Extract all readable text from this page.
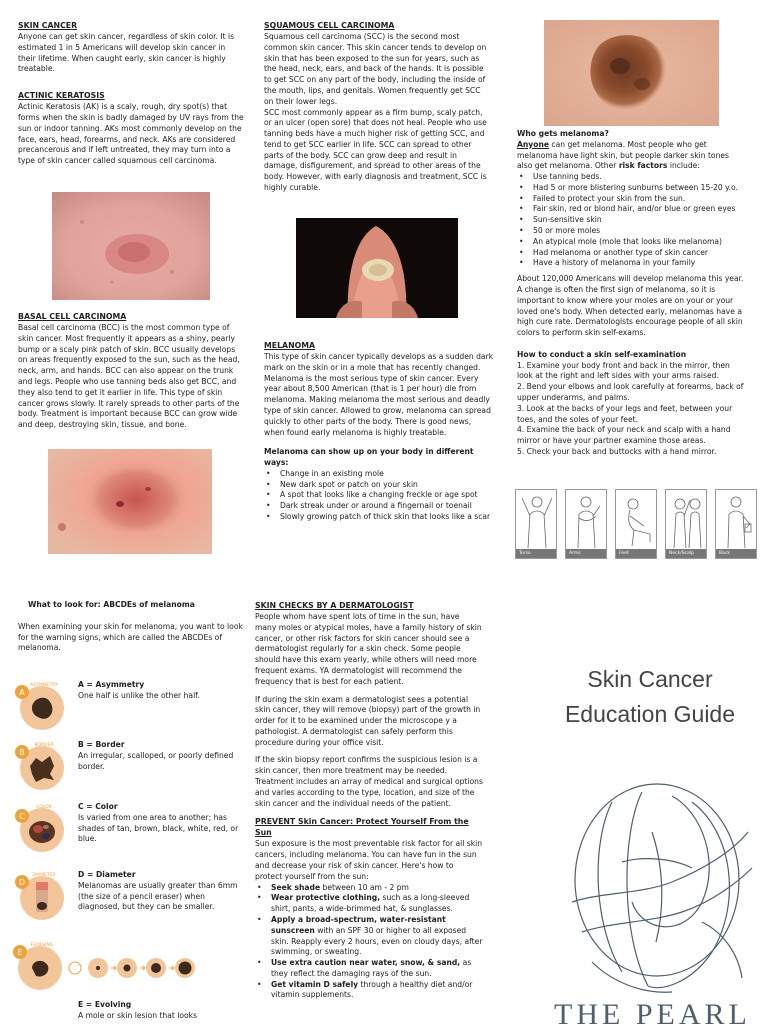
SKIN CANCER
Anyone can get skin cancer, regardless of skin color. It is estimated 1 in 5 Americans will develop skin cancer in their lifetime. When caught early, skin cancer is highly treatable.
ACTINIC KERATOSIS
Actinic Keratosis (AK) is a scaly, rough, dry spot(s) that forms when the skin is badly damaged by UV rays from the sun or indoor tanning. AKs most commonly develop on the face, ears, head, forearms, and neck. AKs are considered precancerous and if left untreated, they may turn into a type of skin cancer called squamous cell carcinoma.
BASAL CELL CARCINOMA
Basal cell carcinoma (BCC) is the most common type of skin cancer. Most frequently it appears as a shiny, pearly bump or a scaly pink patch of skin. BCC usually develops on areas frequently exposed to the sun, such as the head, neck, arm, and hands. BCC can also appear on the trunk and legs. People who use tanning beds also get BCC, and they also tend to get it earlier in life. This type of skin cancer grows slowly. It rarely spreads to other parts of the body. Treatment is important because BCC can grow wide and deep, destroying skin, tissue, and bone.
SQUAMOUS CELL CARCINOMA
Squamous cell carcinoma (SCC) is the second most common skin cancer. This skin cancer tends to develop on skin that has been exposed to the sun for years, such as the head, neck, ears, and back of the hands. It is possible to get SCC on any part of the body, including the inside of the mouth, lips, and genitals. Women frequently get SCC on their lower legs.
SCC most commonly appear as a firm bump, scaly patch, or an ulcer (open sore) that does not heal. People who use tanning beds have a much higher risk of getting SCC, and tend to get SCC earlier in life. SCC can spread to other parts of the body. SCC can grow deep and result in damage, disfigurement, and spread to other areas of the body. However, with early diagnosis and treatment, SCC is highly curable.
MELANOMA
This type of skin cancer typically develops as a sudden dark mark on the skin or in a mole that has recently changed. Melanoma is the most serious type of skin cancer. Every year about 8,500 American (that is 1 per hour) die from melanoma. Making melanoma the most serious and deadly type of skin cancer. Allowed to grow, melanoma can spread quickly to other parts of the body. There is good news, when found early melanoma is highly treatable.
Melanoma can show up on your body in different ways:
• Change in an existing mole
• New dark spot or patch on your skin
• A spot that looks like a changing freckle or age spot
• Dark streak under or around a fingernail or toenail
• Slowly growing patch of thick skin that looks like a scar
Who gets melanoma?
Anyone can get melanoma. Most people who get melanoma have light skin, but people darker skin tones also get melanoma. Other risk factors include:
• Use tanning beds.
• Had 5 or more blistering sunburns between 15-20 y.o.
• Failed to protect your skin from the sun.
• Fair skin, red or blond hair, and/or blue or green eyes
• Sun-sensitive skin
• 50 or more moles
• An atypical mole (mole that looks like melanoma)
• Had melanoma or another type of skin cancer
• Have a history of melanoma in your family
About 120,000 Americans will develop melanoma this year. A change is often the first sign of melanoma, so it is important to know where your moles are on your or your loved one's body. When detected early, melanomas have a high cure rate. Dermatologists encourage people of all skin colors to perform skin self-exams.
How to conduct a skin self-examination
1. Examine your body front and back in the mirror, then look at the right and left sides with your arms raised.
2. Bend your elbows and look carefully at forearms, back of upper underarms, and palms.
3. Look at the backs of your legs and feet, between your toes, and the soles of your feet.
4. Examine the back of your neck and scalp with a hand mirror or have your partner examine those areas.
5. Check your back and buttocks with a hand mirror.
Torso	Arms	Feet	Neck/Scalp	Back
What to look for: ABCDEs of melanoma
When examining your skin for melanoma, you want to look for the warning signs, which are called the ABCDEs of melanoma.
A
ASYMMETRY	A = Asymmetry
One half is unlike the other half.
B
BORDER	B = Border
An irregular, scalloped, or poorly defined border.
C
COLOR	C = Color
Is varied from one area to another; has shades of tan, brown, black, white, red, or blue.
D
DIAMETER	D = Diameter
Melanomas are usually greater than 6mm (the size of a pencil eraser) when diagnosed, but they can be smaller.
E
EVOLVING
E = Evolving
A mole or skin lesion that looks
SKIN CHECKS BY A DERMATOLOGIST
People whom have spent lots of time in the sun, have many moles or atypical moles, have a family history of skin cancer, or other risk factors for skin cancer should see a dermatologist regularly for a skin check. Some people should have this exam yearly, while others will need more frequent exams. YA dermatologist will recommend the frequency that is best for each patient.
If during the skin exam a dermatologist sees a potential skin cancer, they will remove (biopsy) part of the growth in order for it to be examined under the microscope y a pathologist. A dermatologist can safely perform this procedure during your office visit.
If the skin biopsy report confirms the suspicious lesion is a skin cancer, then more treatment may be needed. Treatment includes an array of medical and surgical options and varies according to the type, location, and size of the skin cancer and the individual needs of the patient.
PREVENT Skin Cancer: Protect Yourself From the Sun
Sun exposure is the most preventable risk factor for all skin cancers, including melanoma. You can have fun in the sun and decrease your risk of skin cancer. Here's how to protect yourself from the sun:
• Seek shade between 10 am - 2 pm
• Wear protective clothing, such as a long-sleeved shirt, pants, a wide-brimmed hat, & sunglasses.
• Apply a broad-spectrum, water-resistant sunscreen with an SPF 30 or higher to all exposed skin. Reapply every 2 hours, even on cloudy days, after swimming, or sweating.
• Use extra caution near water, snow, & sand, as they reflect the damaging rays of the sun.
• Get vitamin D safely through a healthy diet and/or vitamin supplements.
Skin Cancer
Education Guide
THE PEARL
